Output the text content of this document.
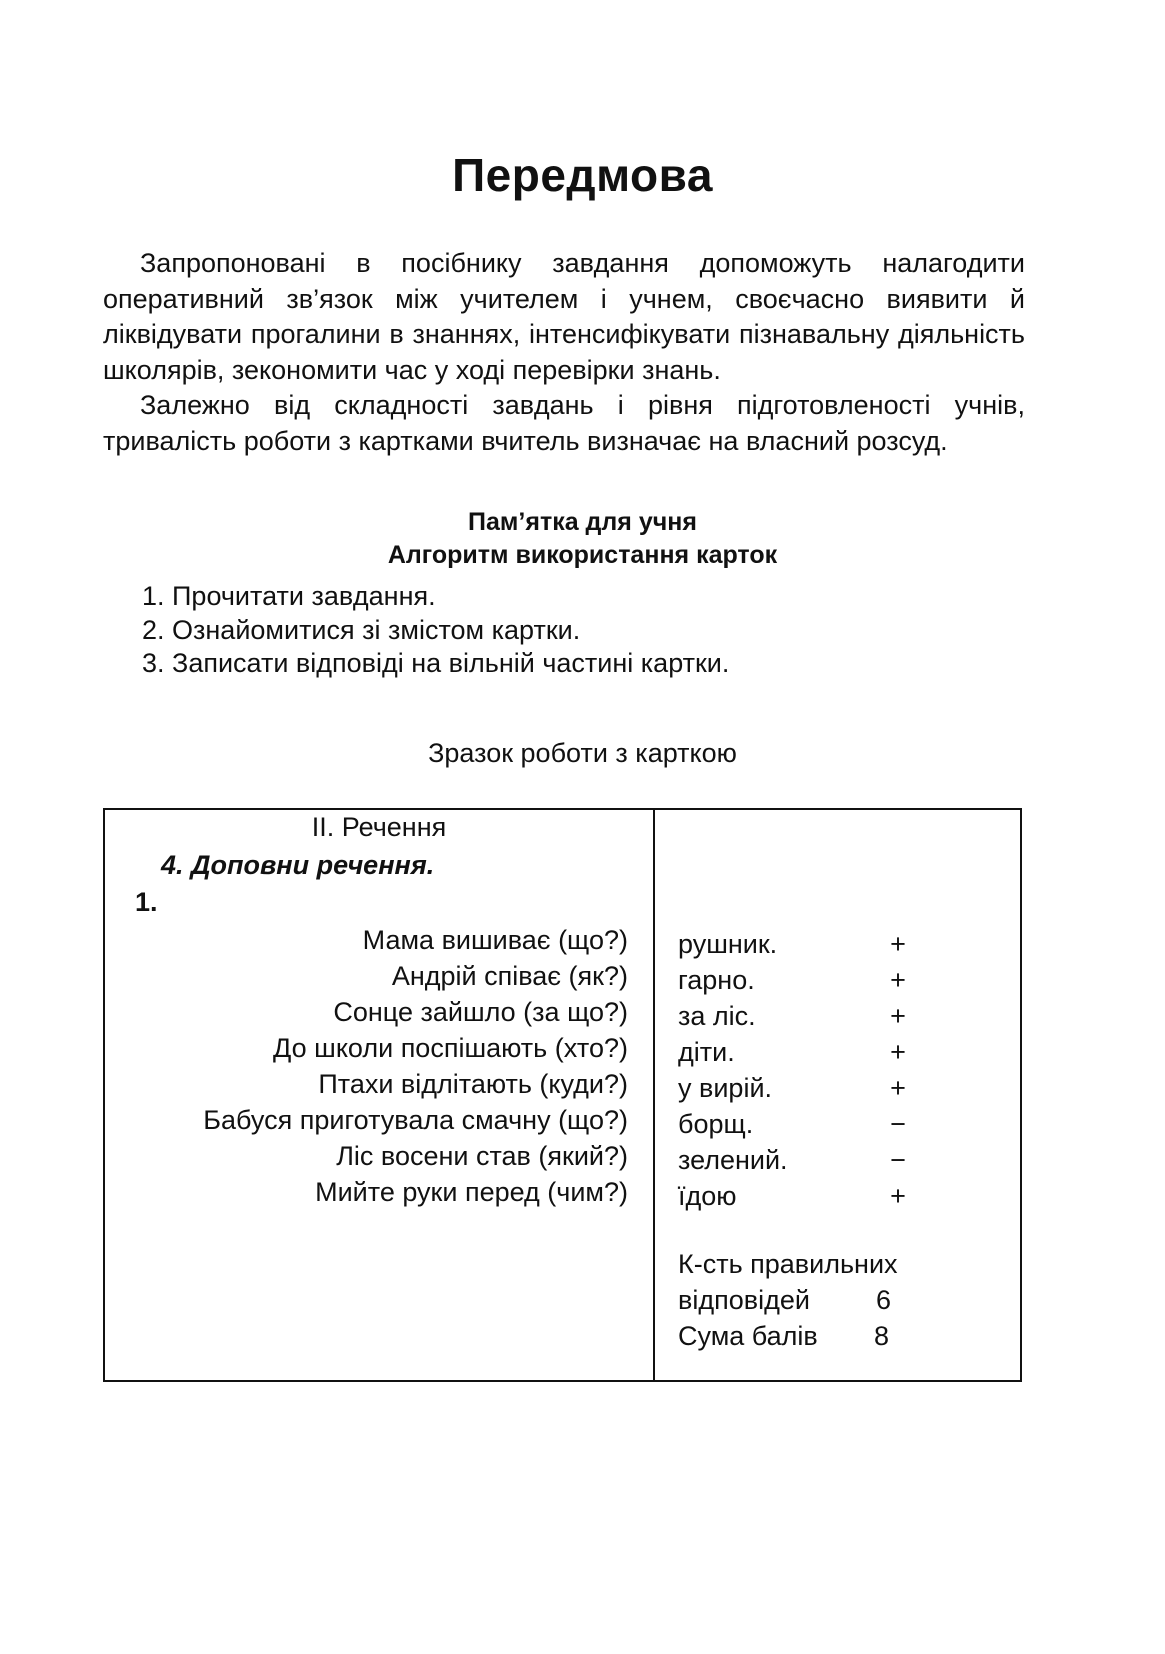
Передмова

Запропоновані в посібнику завдання допоможуть налагодити оперативний зв’язок між учителем і учнем, своєчасно виявити й ліквідувати прогалини в знаннях, інтенсифікувати пізнавальну діяльність школярів, зекономити час у ході перевірки знань.

Залежно від складності завдань і рівня підготовленості учнів, тривалість роботи з картками вчитель визначає на власний розсуд.

Пам’ятка для учня
Алгоритм використання карток
1. Прочитати завдання.
2. Ознайомитися зі змістом картки.
3. Записати відповіді на вільній частині картки.
Зразок роботи з карткою
ІІ. Речення
4. Доповни речення.
1.
Мама вишиває (що?)
Андрій співає (як?)
Сонце зайшло (за що?)
До школи поспішають (хто?)
Птахи відлітають (куди?)
Бабуся приготувала смачну (що?)
Ліс восени став (який?)
Мийте руки перед (чим?)
рушник.	+
гарно.	+
за ліс.	+
діти.	+
у вирій.	+
борщ.	−
зелений.	−
їдою	+
К-сть правильних
відповідей 6
Сума балів 8
